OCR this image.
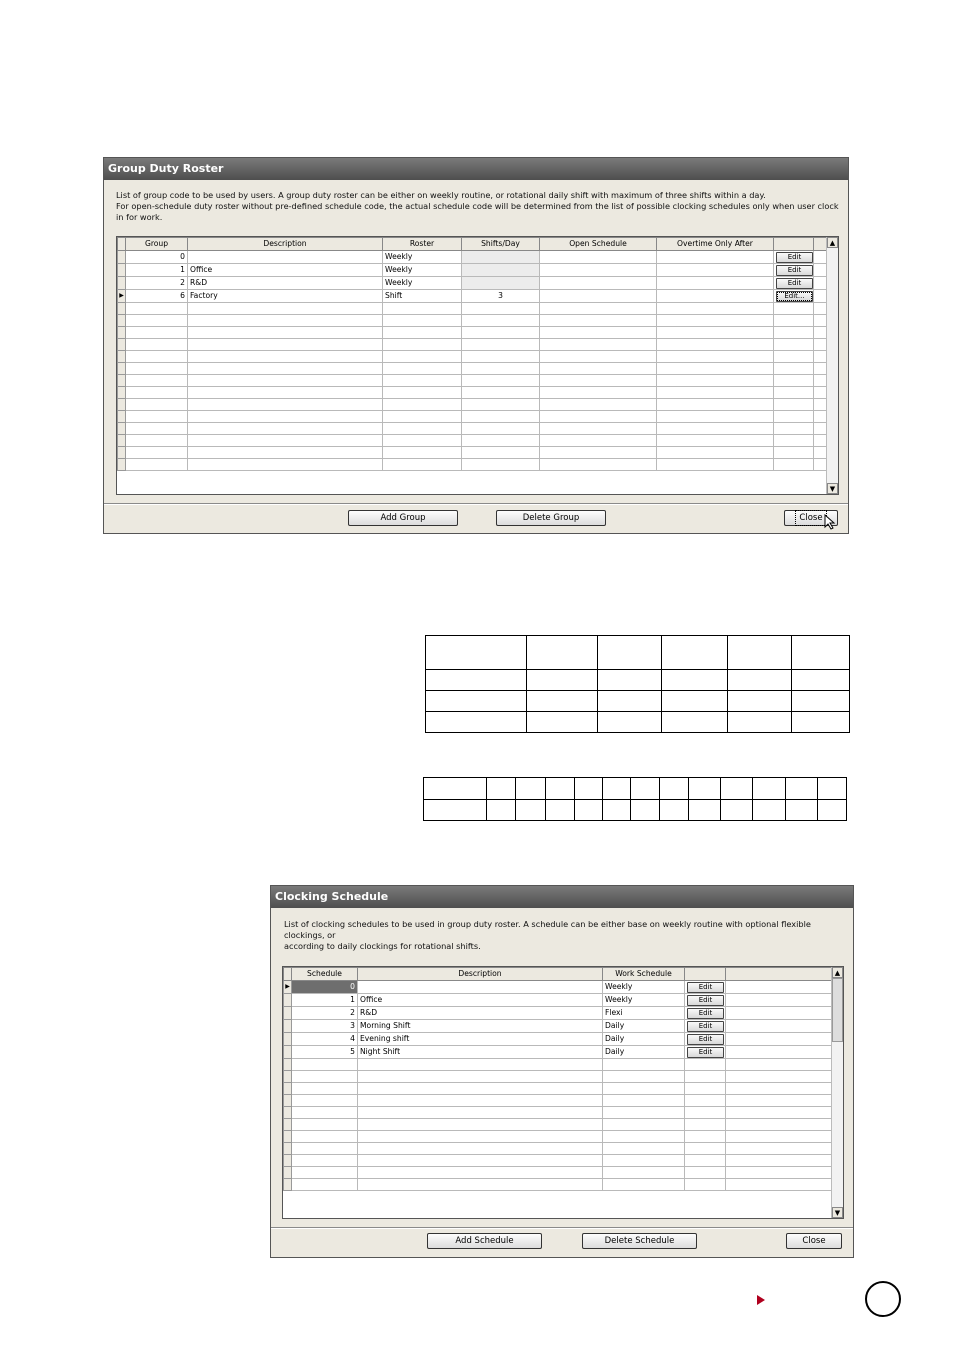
Group Duty Roster
List of group code to be used by users. A group duty roster can be either on weekly routine, or rotational daily shift with maximum of three shifts within a day.
For open-schedule duty roster without pre-defined schedule code, the actual schedule code will be determined from the list of possible clocking schedules only when user clock in for work.
	Group	Description	Roster	Shifts/Day	Open Schedule	Overtime Only After		
	0		Weekly				Edit	

	1	Office	Weekly				Edit	

	2	R&D	Weekly				Edit	

▶	6	Factory	Shift	3			Edit...	

▲
▼
Add Group	Delete Group	Close

Clocking Schedule
List of clocking schedules to be used in group duty roster. A schedule can be either base on weekly routine with optional flexible clockings, or
according to daily clockings for rotational shifts.
	Schedule	Description	Work Schedule		
▶	0		Weekly	Edit	

	1	Office	Weekly	Edit	

	2	R&D	Flexi	Edit	

	3	Morning Shift	Daily	Edit	

	4	Evening shift	Daily	Edit	

	5	Night Shift	Daily	Edit	

▲
▼
Add Schedule	Delete Schedule	Close
